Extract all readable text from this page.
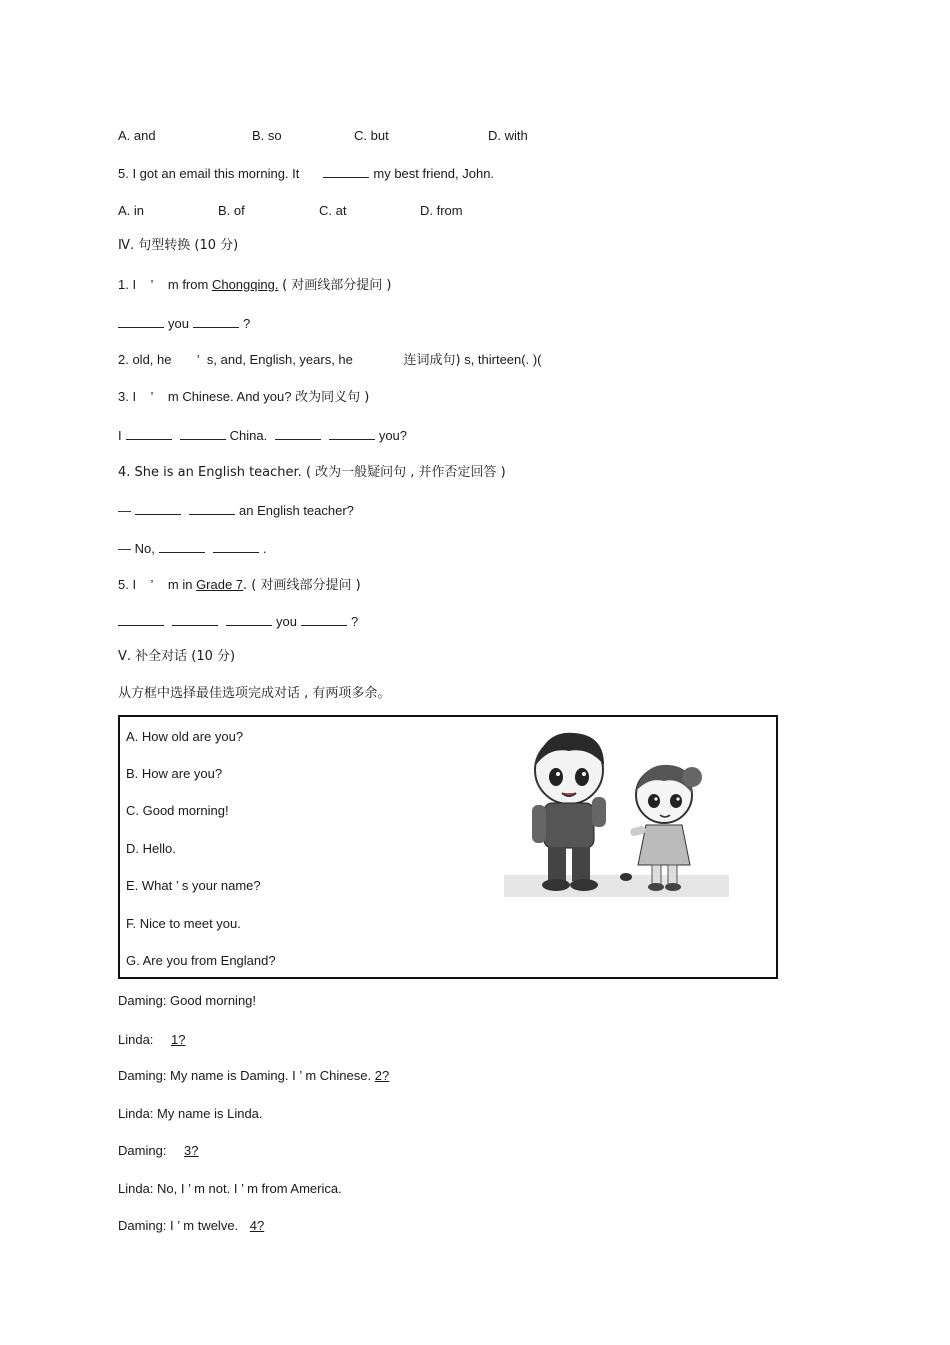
A. and	B. so	C. but	D. with
5. I got an email this morning. It	my best friend, John.
A. in	B. of	C. at	D. from
Ⅳ. 句型转换 (10 分)
1. I ’ m from Chongqing. ( 对画线部分提问 )
you	?
2. old, he ’ s, and, English, years, he	连词成句) s, thirteen(. )(
3. I ’ m Chinese. And you? 改为同义句 )
I	China.	you?
4. She is an English teacher. ( 改为一般疑问句 , 并作否定回答 )
—	an English teacher?
— No,	.
5. I ’ m in Grade 7. ( 对画线部分提问 )
you	?
Ⅴ. 补全对话 (10 分)
从方框中选择最佳选项完成对话 , 有两项多余。
A. How old are you?
B. How are you?
C. Good morning!
D. Hello.
E. What ’ s your name?
F. Nice to meet you.
G. Are you from England?
Daming: Good morning!
Linda: 1?
Daming: My name is Daming. I ’ m Chinese. 2?
Linda: My name is Linda.
Daming: 3?
Linda: No, I ’ m not. I ’ m from America.
Daming: I ’ m twelve. 4?
